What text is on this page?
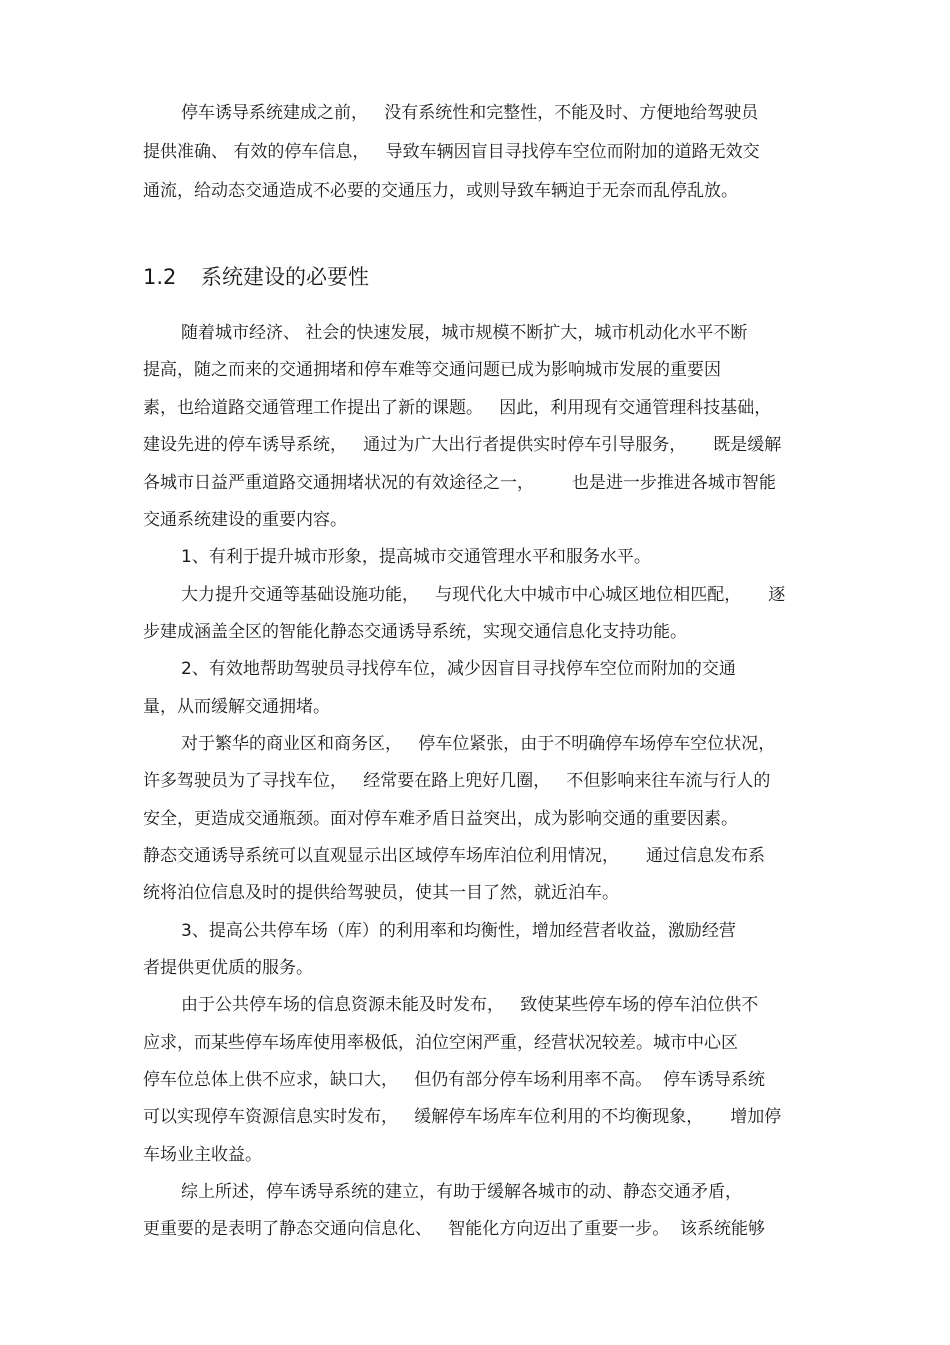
停车诱导系统建成之前，   没有系统性和完整性，不能及时、方便地给驾驶员

提供准确、 有效的停车信息，   导致车辆因盲目寻找停车空位而附加的道路无效交

通流，给动态交通造成不必要的交通压力，或则导致车辆迫于无奈而乱停乱放。

1.2 系统建设的必要性

随着城市经济、 社会的快速发展，城市规模不断扩大，城市机动化水平不断

提高，随之而来的交通拥堵和停车难等交通问题已成为影响城市发展的重要因

素，也给道路交通管理工作提出了新的课题。   因此，利用现有交通管理科技基础，

建设先进的停车诱导系统，   通过为广大出行者提供实时停车引导服务，     既是缓解

各城市日益严重道路交通拥堵状况的有效途径之一，       也是进一步推进各城市智能

交通系统建设的重要内容。

1、有利于提升城市形象，提高城市交通管理水平和服务水平。

大力提升交通等基础设施功能，   与现代化大中城市中心城区地位相匹配，     逐

步建成涵盖全区的智能化静态交通诱导系统，实现交通信息化支持功能。

2、有效地帮助驾驶员寻找停车位，减少因盲目寻找停车空位而附加的交通

量，从而缓解交通拥堵。

对于繁华的商业区和商务区，   停车位紧张，由于不明确停车场停车空位状况，

许多驾驶员为了寻找车位，   经常要在路上兜好几圈，   不但影响来往车流与行人的

安全，更造成交通瓶颈。面对停车难矛盾日益突出，成为影响交通的重要因素。

静态交通诱导系统可以直观显示出区域停车场库泊位利用情况，     通过信息发布系

统将泊位信息及时的提供给驾驶员，使其一目了然，就近泊车。

3、提高公共停车场（库）的利用率和均衡性，增加经营者收益，激励经营

者提供更优质的服务。

由于公共停车场的信息资源未能及时发布，   致使某些停车场的停车泊位供不

应求，而某些停车场库使用率极低，泊位空闲严重，经营状况较差。城市中心区

停车位总体上供不应求，缺口大，   但仍有部分停车场利用率不高。  停车诱导系统

可以实现停车资源信息实时发布，   缓解停车场库车位利用的不均衡现象，     增加停

车场业主收益。

综上所述，停车诱导系统的建立，有助于缓解各城市的动、静态交通矛盾，

更重要的是表明了静态交通向信息化、   智能化方向迈出了重要一步。  该系统能够
